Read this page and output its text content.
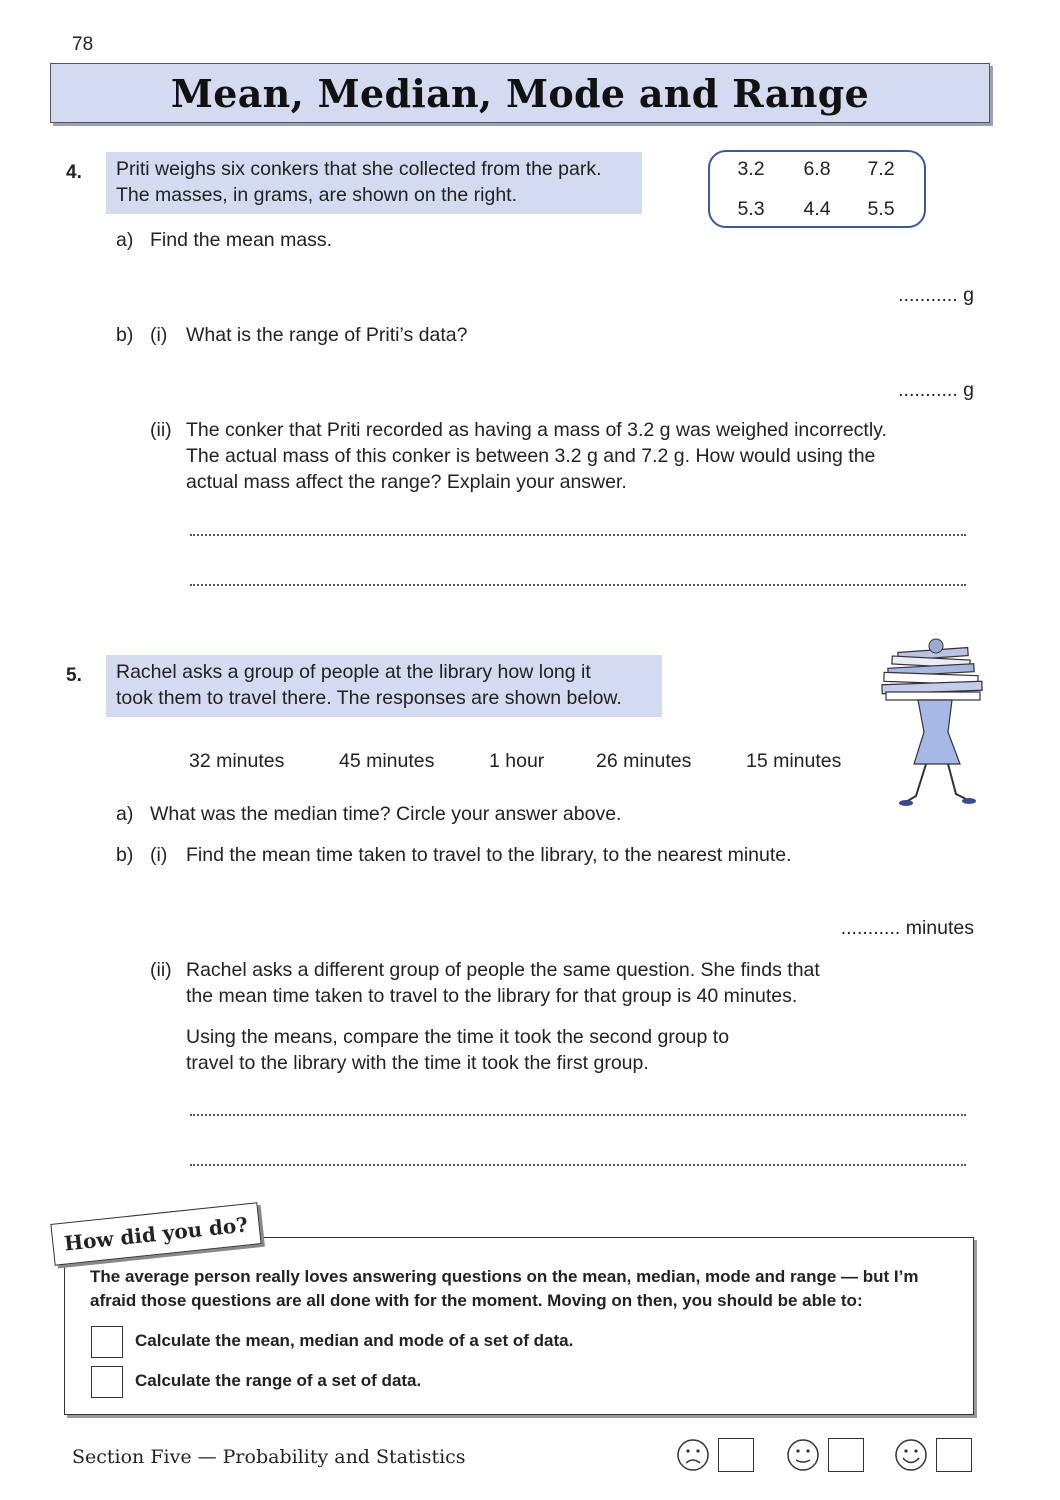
78
Mean, Median, Mode and Range
4. Priti weighs six conkers that she collected from the park.
The masses, in grams, are shown on the right.
3.2	6.8	7.2
5.3	4.4	5.5
a) Find the mean mass.
........... g
b) (i) What is the range of Priti’s data?
........... g
(ii) The conker that Priti recorded as having a mass of 3.2 g was weighed incorrectly.
The actual mass of this conker is between 3.2 g and 7.2 g. How would using the
actual mass affect the range? Explain your answer.
5. Rachel asks a group of people at the library how long it
took them to travel there. The responses are shown below.
32 minutes	45 minutes	1 hour	26 minutes	15 minutes
a) What was the median time? Circle your answer above.
b) (i) Find the mean time taken to travel to the library, to the nearest minute.
........... minutes
(ii) Rachel asks a different group of people the same question. She finds that
the mean time taken to travel to the library for that group is 40 minutes.
Using the means, compare the time it took the second group to
travel to the library with the time it took the first group.
The average person really loves answering questions on the mean, median, mode and range — but I’m
afraid those questions are all done with for the moment. Moving on then, you should be able to:
Calculate the mean, median and mode of a set of data.
Calculate the range of a set of data.
How did you do?
Section Five — Probability and Statistics
